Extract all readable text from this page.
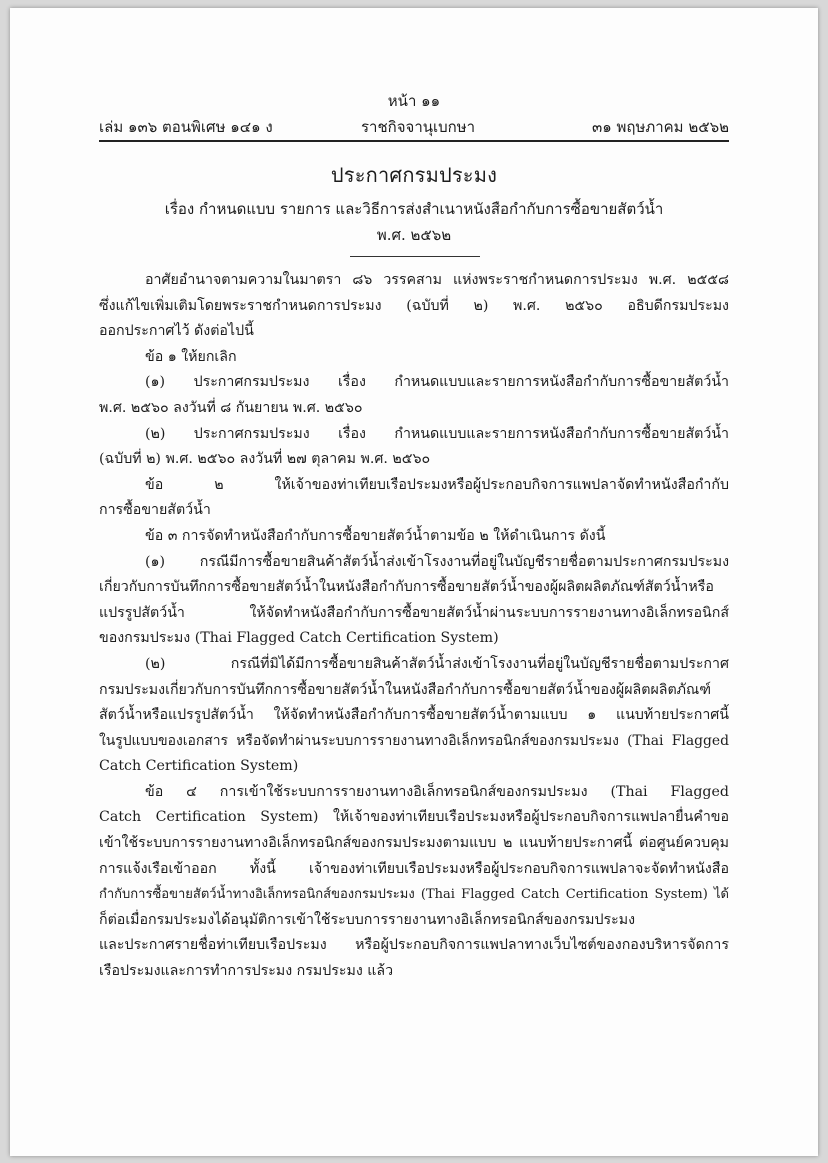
หน้า ๑๑
เล่ม ๑๓๖ ตอนพิเศษ ๑๔๑ ง	ราชกิจจานุเบกษา	๓๑ พฤษภาคม ๒๕๖๒
ประกาศกรมประมง
เรื่อง กำหนดแบบ รายการ และวิธีการส่งสำเนาหนังสือกำกับการซื้อขายสัตว์น้ำ
พ.ศ. ๒๕๖๒
อาศัยอำนาจตามความในมาตรา ๘๖ วรรคสาม แห่งพระราชกำหนดการประมง พ.ศ. ๒๕๕๘
ซึ่งแก้ไขเพิ่มเติมโดยพระราชกำหนดการประมง (ฉบับที่ ๒) พ.ศ. ๒๕๖๐ อธิบดีกรมประมง
ออกประกาศไว้ ดังต่อไปนี้
ข้อ ๑ ให้ยกเลิก
(๑) ประกาศกรมประมง เรื่อง กำหนดแบบและรายการหนังสือกำกับการซื้อขายสัตว์น้ำ
พ.ศ. ๒๕๖๐ ลงวันที่ ๘ กันยายน พ.ศ. ๒๕๖๐
(๒) ประกาศกรมประมง เรื่อง กำหนดแบบและรายการหนังสือกำกับการซื้อขายสัตว์น้ำ
(ฉบับที่ ๒) พ.ศ. ๒๕๖๐ ลงวันที่ ๒๗ ตุลาคม พ.ศ. ๒๕๖๐
ข้อ ๒ ให้เจ้าของท่าเทียบเรือประมงหรือผู้ประกอบกิจการแพปลาจัดทำหนังสือกำกับ
การซื้อขายสัตว์น้ำ
ข้อ ๓ การจัดทำหนังสือกำกับการซื้อขายสัตว์น้ำตามข้อ ๒ ให้ดำเนินการ ดังนี้
(๑) กรณีมีการซื้อขายสินค้าสัตว์น้ำส่งเข้าโรงงานที่อยู่ในบัญชีรายชื่อตามประกาศกรมประมง
เกี่ยวกับการบันทึกการซื้อขายสัตว์น้ำในหนังสือกำกับการซื้อขายสัตว์น้ำของผู้ผลิตผลิตภัณฑ์สัตว์น้ำหรือ
แปรรูปสัตว์น้ำ ให้จัดทำหนังสือกำกับการซื้อขายสัตว์น้ำผ่านระบบการรายงานทางอิเล็กทรอนิกส์
ของกรมประมง (Thai Flagged Catch Certification System)
(๒) กรณีที่มิได้มีการซื้อขายสินค้าสัตว์น้ำส่งเข้าโรงงานที่อยู่ในบัญชีรายชื่อตามประกาศ
กรมประมงเกี่ยวกับการบันทึกการซื้อขายสัตว์น้ำในหนังสือกำกับการซื้อขายสัตว์น้ำของผู้ผลิตผลิตภัณฑ์
สัตว์น้ำหรือแปรรูปสัตว์น้ำ ให้จัดทำหนังสือกำกับการซื้อขายสัตว์น้ำตามแบบ ๑ แนบท้ายประกาศนี้
ในรูปแบบของเอกสาร หรือจัดทำผ่านระบบการรายงานทางอิเล็กทรอนิกส์ของกรมประมง (Thai Flagged
Catch Certification System)
ข้อ ๔ การเข้าใช้ระบบการรายงานทางอิเล็กทรอนิกส์ของกรมประมง (Thai Flagged
Catch Certification System) ให้เจ้าของท่าเทียบเรือประมงหรือผู้ประกอบกิจการแพปลายื่นคำขอ
เข้าใช้ระบบการรายงานทางอิเล็กทรอนิกส์ของกรมประมงตามแบบ ๒ แนบท้ายประกาศนี้ ต่อศูนย์ควบคุม
การแจ้งเรือเข้าออก ทั้งนี้ เจ้าของท่าเทียบเรือประมงหรือผู้ประกอบกิจการแพปลาจะจัดทำหนังสือ
กำกับการซื้อขายสัตว์น้ำทางอิเล็กทรอนิกส์ของกรมประมง (Thai Flagged Catch Certification System) ได้
ก็ต่อเมื่อกรมประมงได้อนุมัติการเข้าใช้ระบบการรายงานทางอิเล็กทรอนิกส์ของกรมประมง
และประกาศรายชื่อท่าเทียบเรือประมง หรือผู้ประกอบกิจการแพปลาทางเว็บไซต์ของกองบริหารจัดการ
เรือประมงและการทำการประมง กรมประมง แล้ว
